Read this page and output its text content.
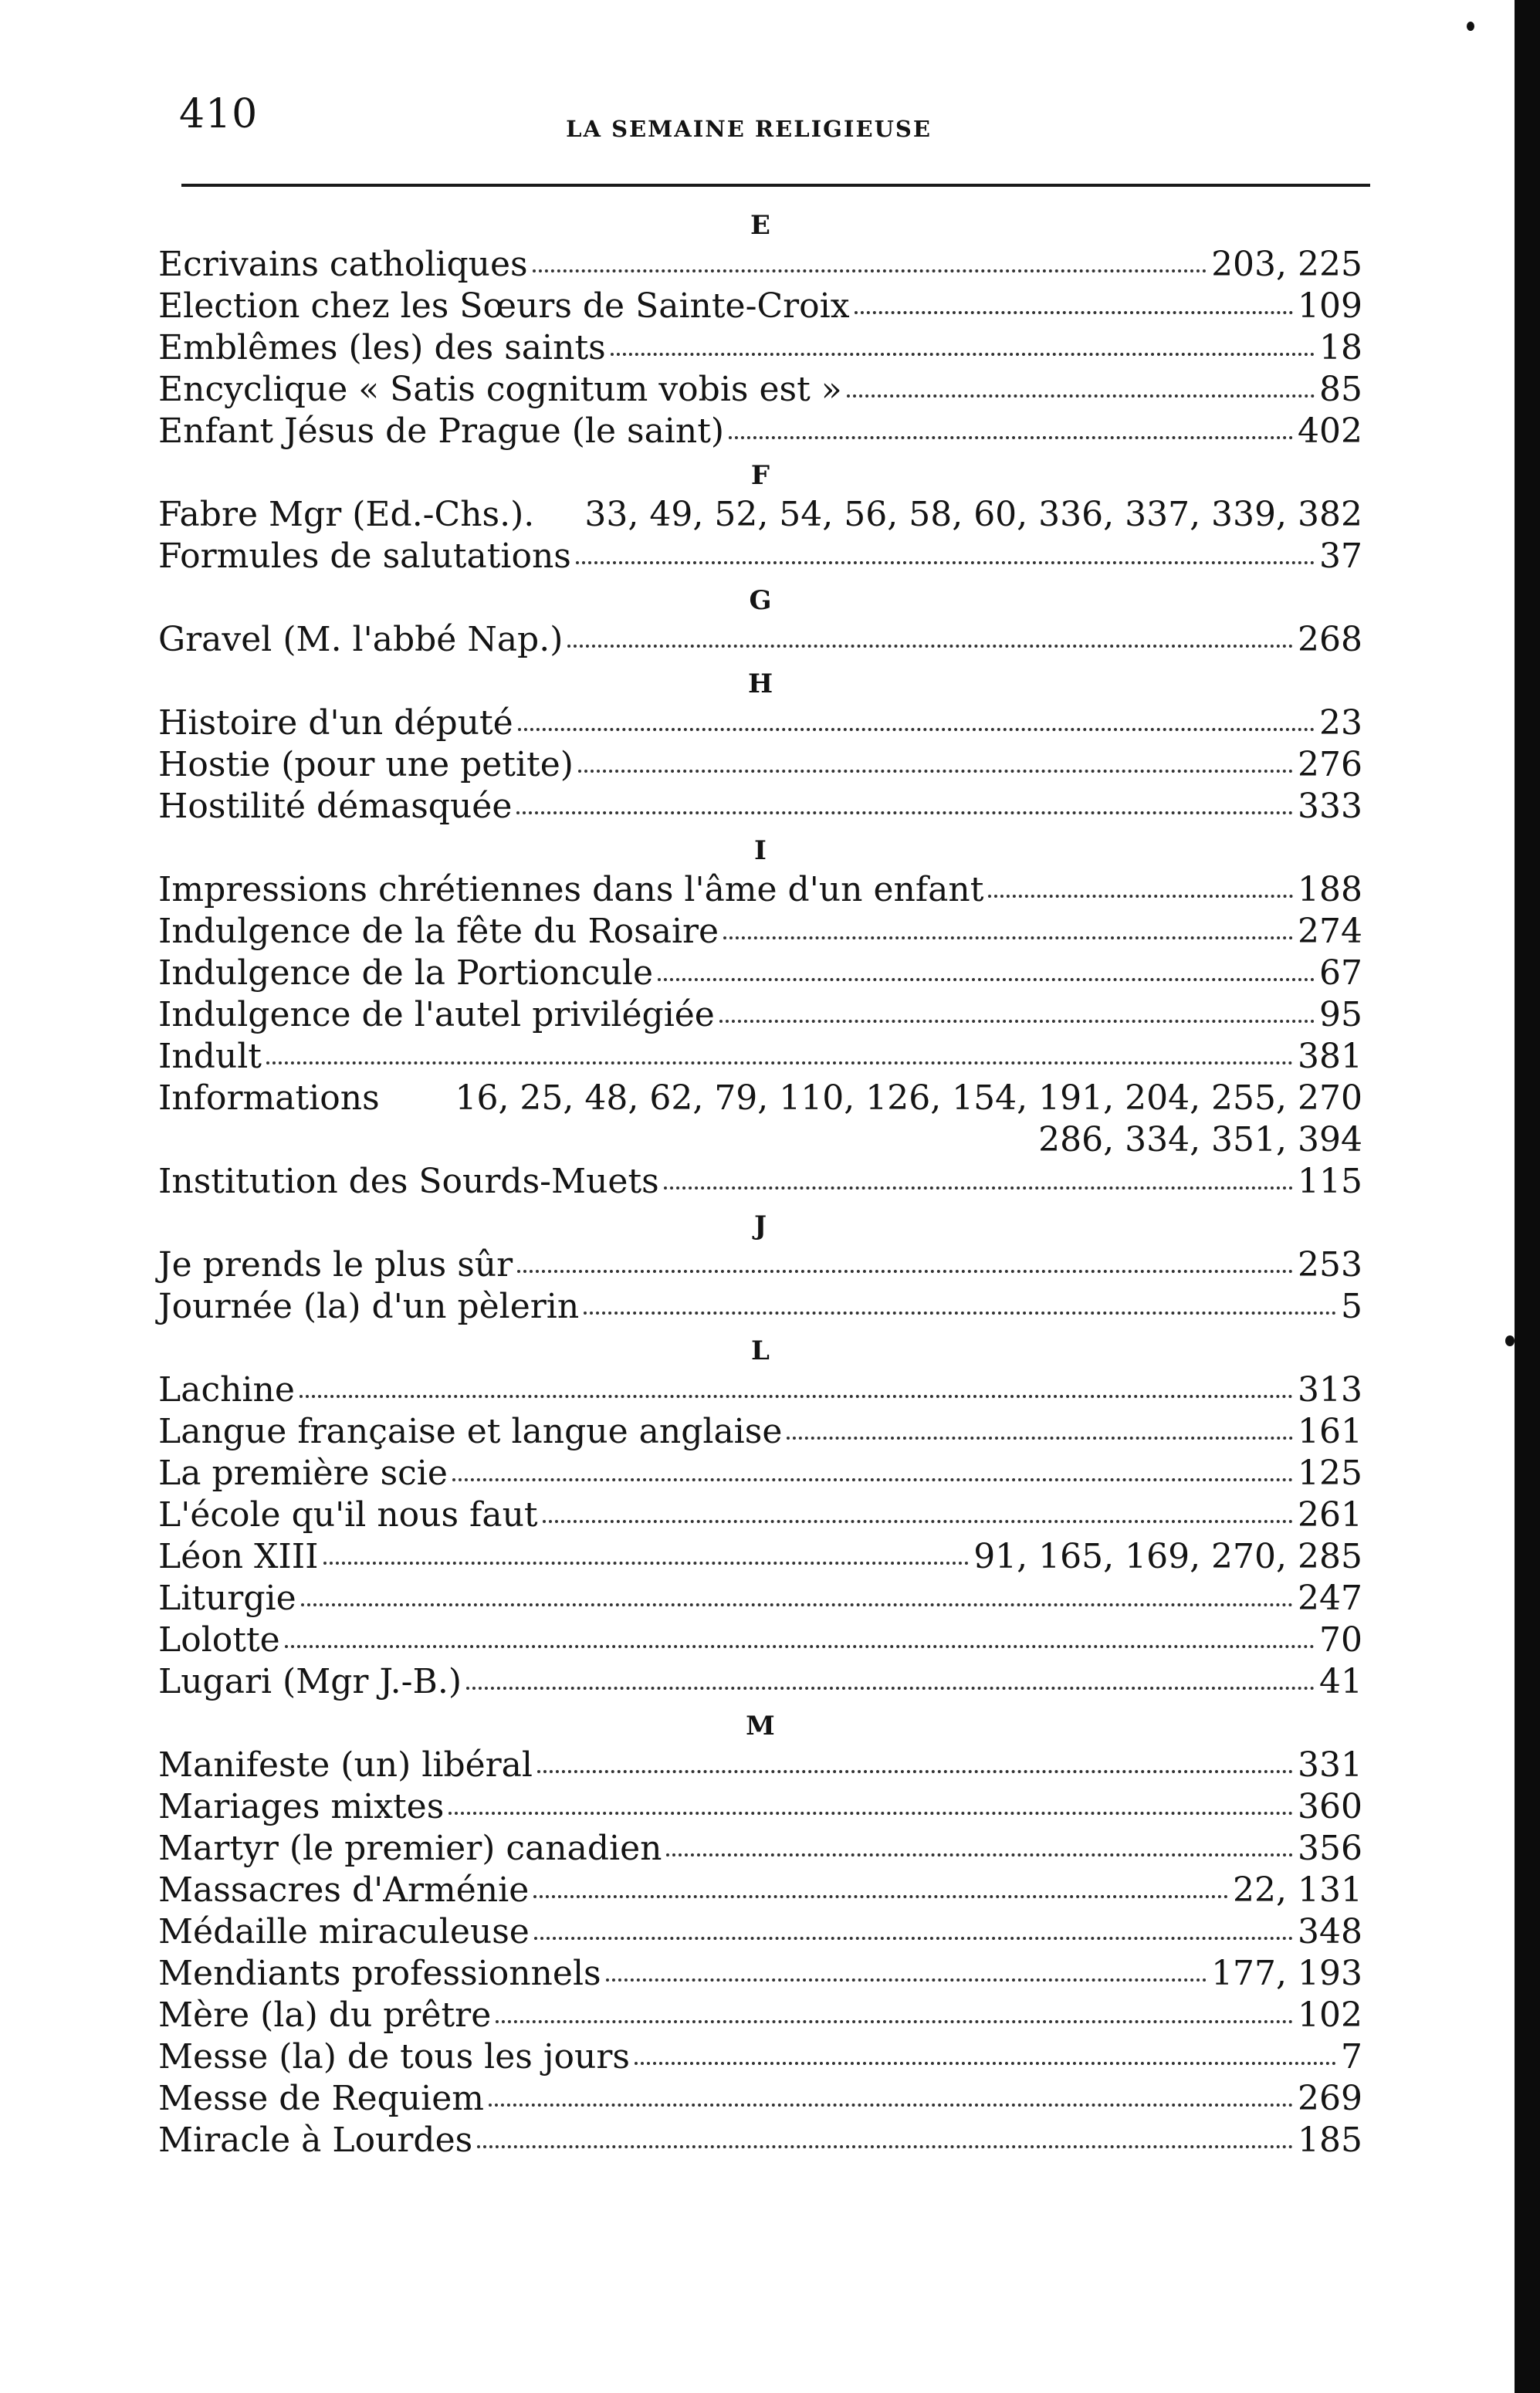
410	LA SEMAINE RELIGIEUSE
E
Ecrivains catholiques	203, 225
Election chez les Sœurs de Sainte-Croix	109
Emblêmes (les) des saints	18
Encyclique « Satis cognitum vobis est »	85
Enfant Jésus de Prague (le saint)	402
F
Fabre Mgr (Ed.-Chs.). 33, 49, 52, 54, 56, 58, 60, 336, 337, 339, 382
Formules de salutations	37
G
Gravel (M. l'abbé Nap.)	268
H
Histoire d'un député	23
Hostie (pour une petite)	276
Hostilité démasquée	333
I
Impressions chrétiennes dans l'âme d'un enfant	188
Indulgence de la fête du Rosaire	274
Indulgence de la Portioncule	67
Indulgence de l'autel privilégiée	95
Indult	381
Informations 16, 25, 48, 62, 79, 110, 126, 154, 191, 204, 255, 270
286, 334, 351, 394
Institution des Sourds-Muets	115
J
Je prends le plus sûr	253
Journée (la) d'un pèlerin	5
L
Lachine	313
Langue française et langue anglaise	161
La première scie	125
L'école qu'il nous faut	261
Léon XIII	91, 165, 169, 270, 285
Liturgie	247
Lolotte	70
Lugari (Mgr J.-B.)	41
M
Manifeste (un) libéral	331
Mariages mixtes	360
Martyr (le premier) canadien	356
Massacres d'Arménie	22, 131
Médaille miraculeuse	348
Mendiants professionnels	177, 193
Mère (la) du prêtre	102
Messe (la) de tous les jours	7
Messe de Requiem	269
Miracle à Lourdes	185
